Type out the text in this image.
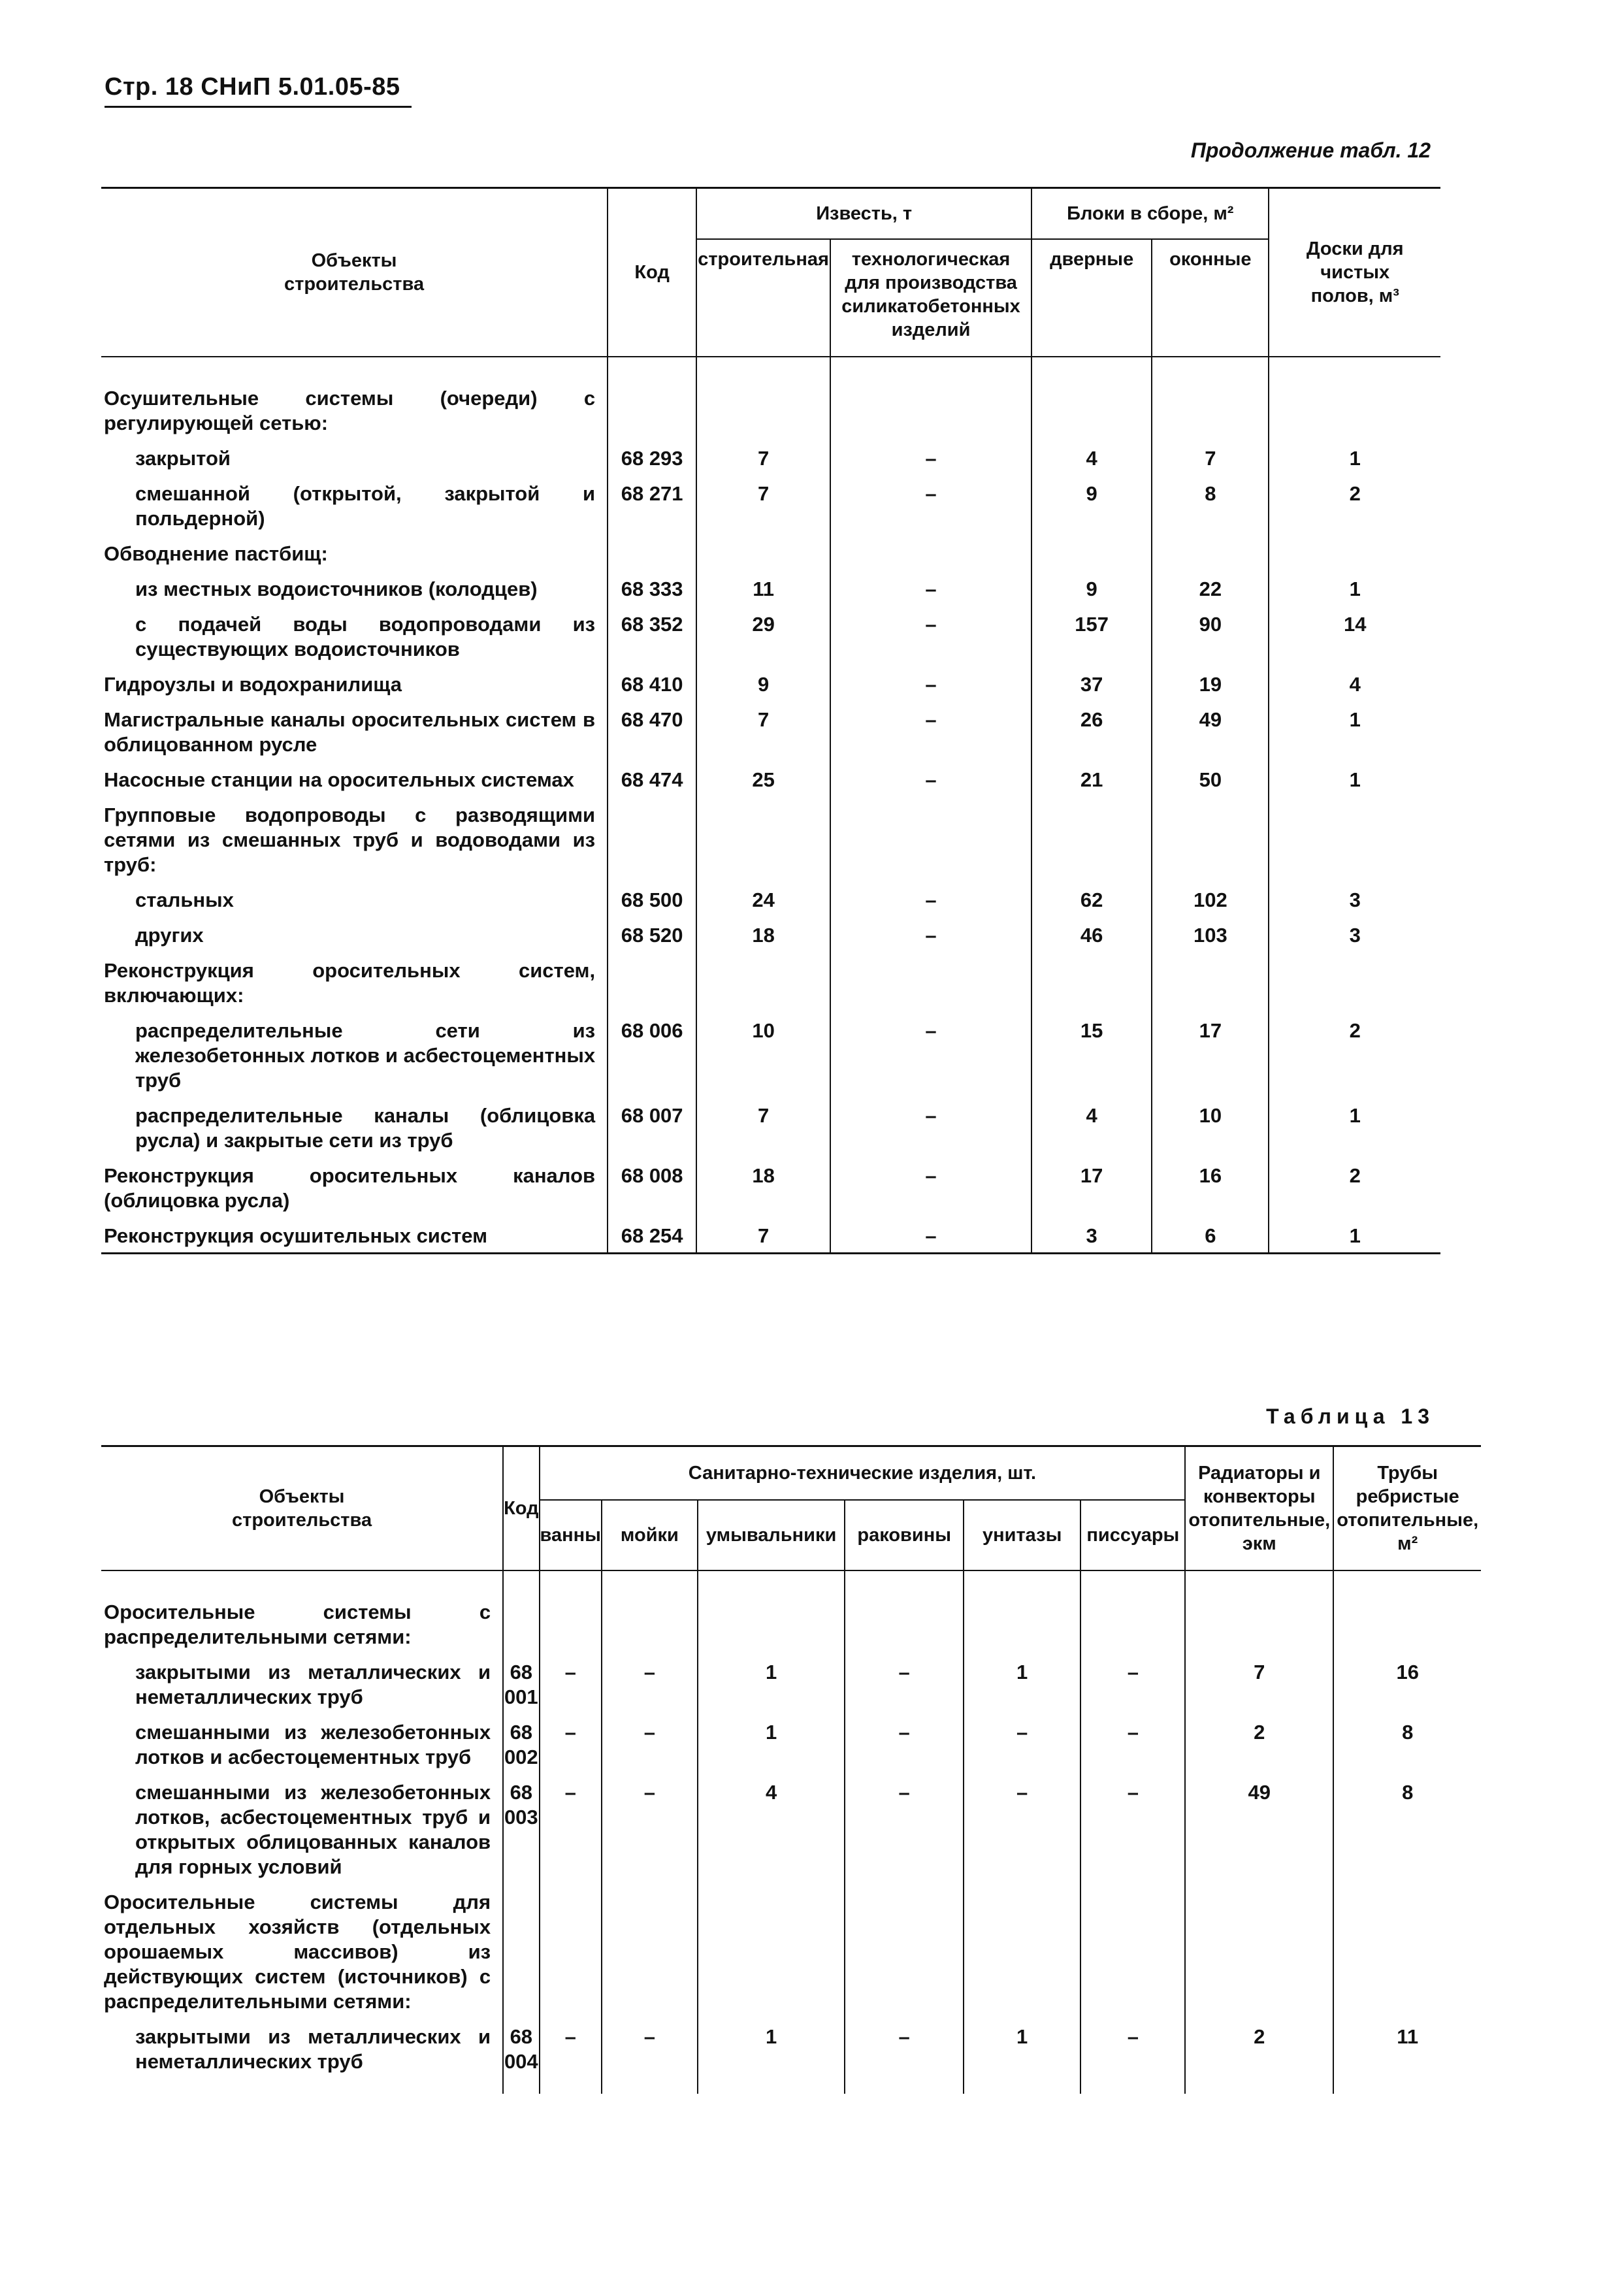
Стр. 18 СНиП 5.01.05-85
Продолжение табл. 12
Объекты строительства	Код	Известь, т		Блоки в сборе, м²		Доски для чистых полов, м³
		строительная	технологическая для производства силикатобетонных изделий	дверные	оконные	

Осушительные системы (очереди) с регулирующей сетью:						
закрытой	68 293	7	–	4	7	1
смешанной (открытой, закрытой и польдерной)	68 271	7	–	9	8	2
Обводнение пастбищ:						
из местных водоисточников (колодцев)	68 333	11	–	9	22	1
с подачей воды водопроводами из существующих водоисточников	68 352	29	–	157	90	14
Гидроузлы и водохранилища	68 410	9	–	37	19	4
Магистральные каналы оросительных систем в облицованном русле	68 470	7	–	26	49	1
Насосные станции на оросительных системах	68 474	25	–	21	50	1
Групповые водопроводы с разводящими сетями из смешанных труб и водоводами из труб:						
стальных	68 500	24	–	62	102	3
других	68 520	18	–	46	103	3
Реконструкция оросительных систем, включающих:						
распределительные сети из железобетонных лотков и асбестоцементных труб	68 006	10	–	15	17	2
распределительные каналы (облицовка русла) и закрытые сети из труб	68 007	7	–	4	10	1
Реконструкция оросительных каналов (облицовка русла)	68 008	18	–	17	16	2
Реконструкция осушительных систем	68 254	7	–	3	6	1
Таблица 13
Объекты строительства	Код	Санитарно-технические изделия, шт.						Радиаторы и конвекторы отопительные, экм	Трубы ребристые отопительные, м²
		ванны	мойки	умывальники	раковины	унитазы	писсуары		

Оросительные системы с распределительными сетями:									
закрытыми из металлических и неметаллических труб	68 001	–	–	1	–	1	–	7	16
смешанными из железобетонных лотков и асбестоцементных труб	68 002	–	–	1	–	–	–	2	8
смешанными из железобетонных лотков, асбестоцементных труб и открытых облицованных каналов для горных условий	68 003	–	–	4	–	–	–	49	8
Оросительные системы для отдельных хозяйств (отдельных орошаемых массивов) из действующих систем (источников) с распределительными сетями:									
закрытыми из металлических и неметаллических труб	68 004	–	–	1	–	1	–	2	11
